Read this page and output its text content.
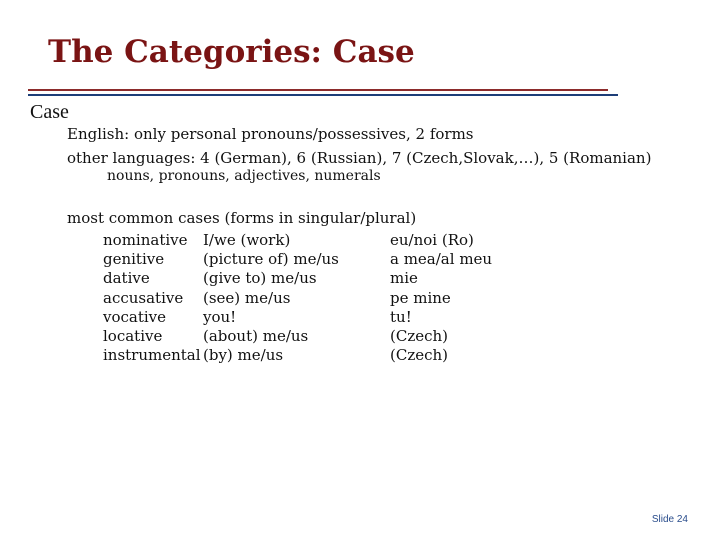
The Categories: Case
Case
English: only personal pronouns/possessives, 2 forms
other languages: 4 (German), 6 (Russian), 7 (Czech,Slovak,…), 5 (Romanian)
nouns, pronouns, adjectives, numerals
most common cases (forms in singular/plural)
nominative I/we (work)	eu/noi (Ro)
genitive	(picture of) me/us	a mea/al meu
dative	(give to) me/us	mie
accusative (see) me/us	pe mine
vocative you!	tu!
locative	(about) me/us	(Czech)
instrumental (by) me/us	(Czech)
Slide 24
